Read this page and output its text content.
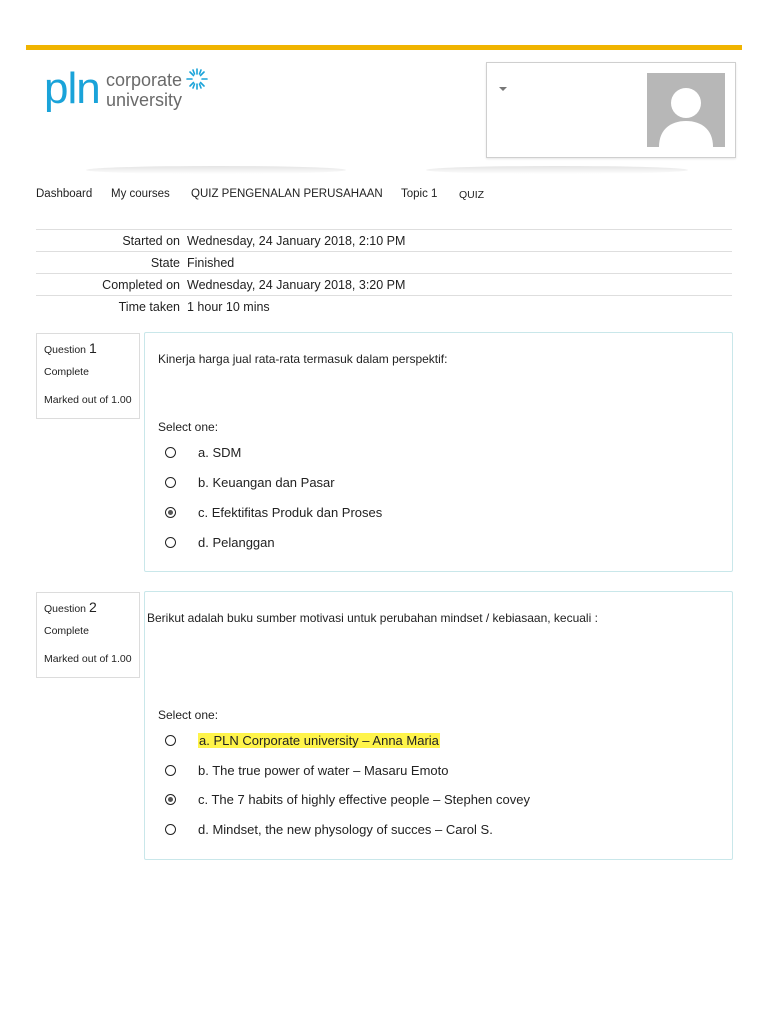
pln corporate
university
Dashboard My courses QUIZ PENGENALAN PERUSAHAAN Topic 1 QUIZ
Started on Wednesday, 24 January 2018, 2:10 PM
State Finished
Completed on Wednesday, 24 January 2018, 3:20 PM
Time taken 1 hour 10 mins
Question 1
Complete
Marked out of 1.00
Kinerja harga jual rata-rata termasuk dalam perspektif:
Select one:
a. SDM
b. Keuangan dan Pasar
c. Efektifitas Produk dan Proses
d. Pelanggan
Question 2
Complete
Marked out of 1.00
Berikut adalah buku sumber motivasi untuk perubahan mindset / kebiasaan, kecuali :
Select one:
a. PLN Corporate university – Anna Maria
b. The true power of water – Masaru Emoto
c. The 7 habits of highly effective people – Stephen covey
d. Mindset, the new physology of succes – Carol S.
